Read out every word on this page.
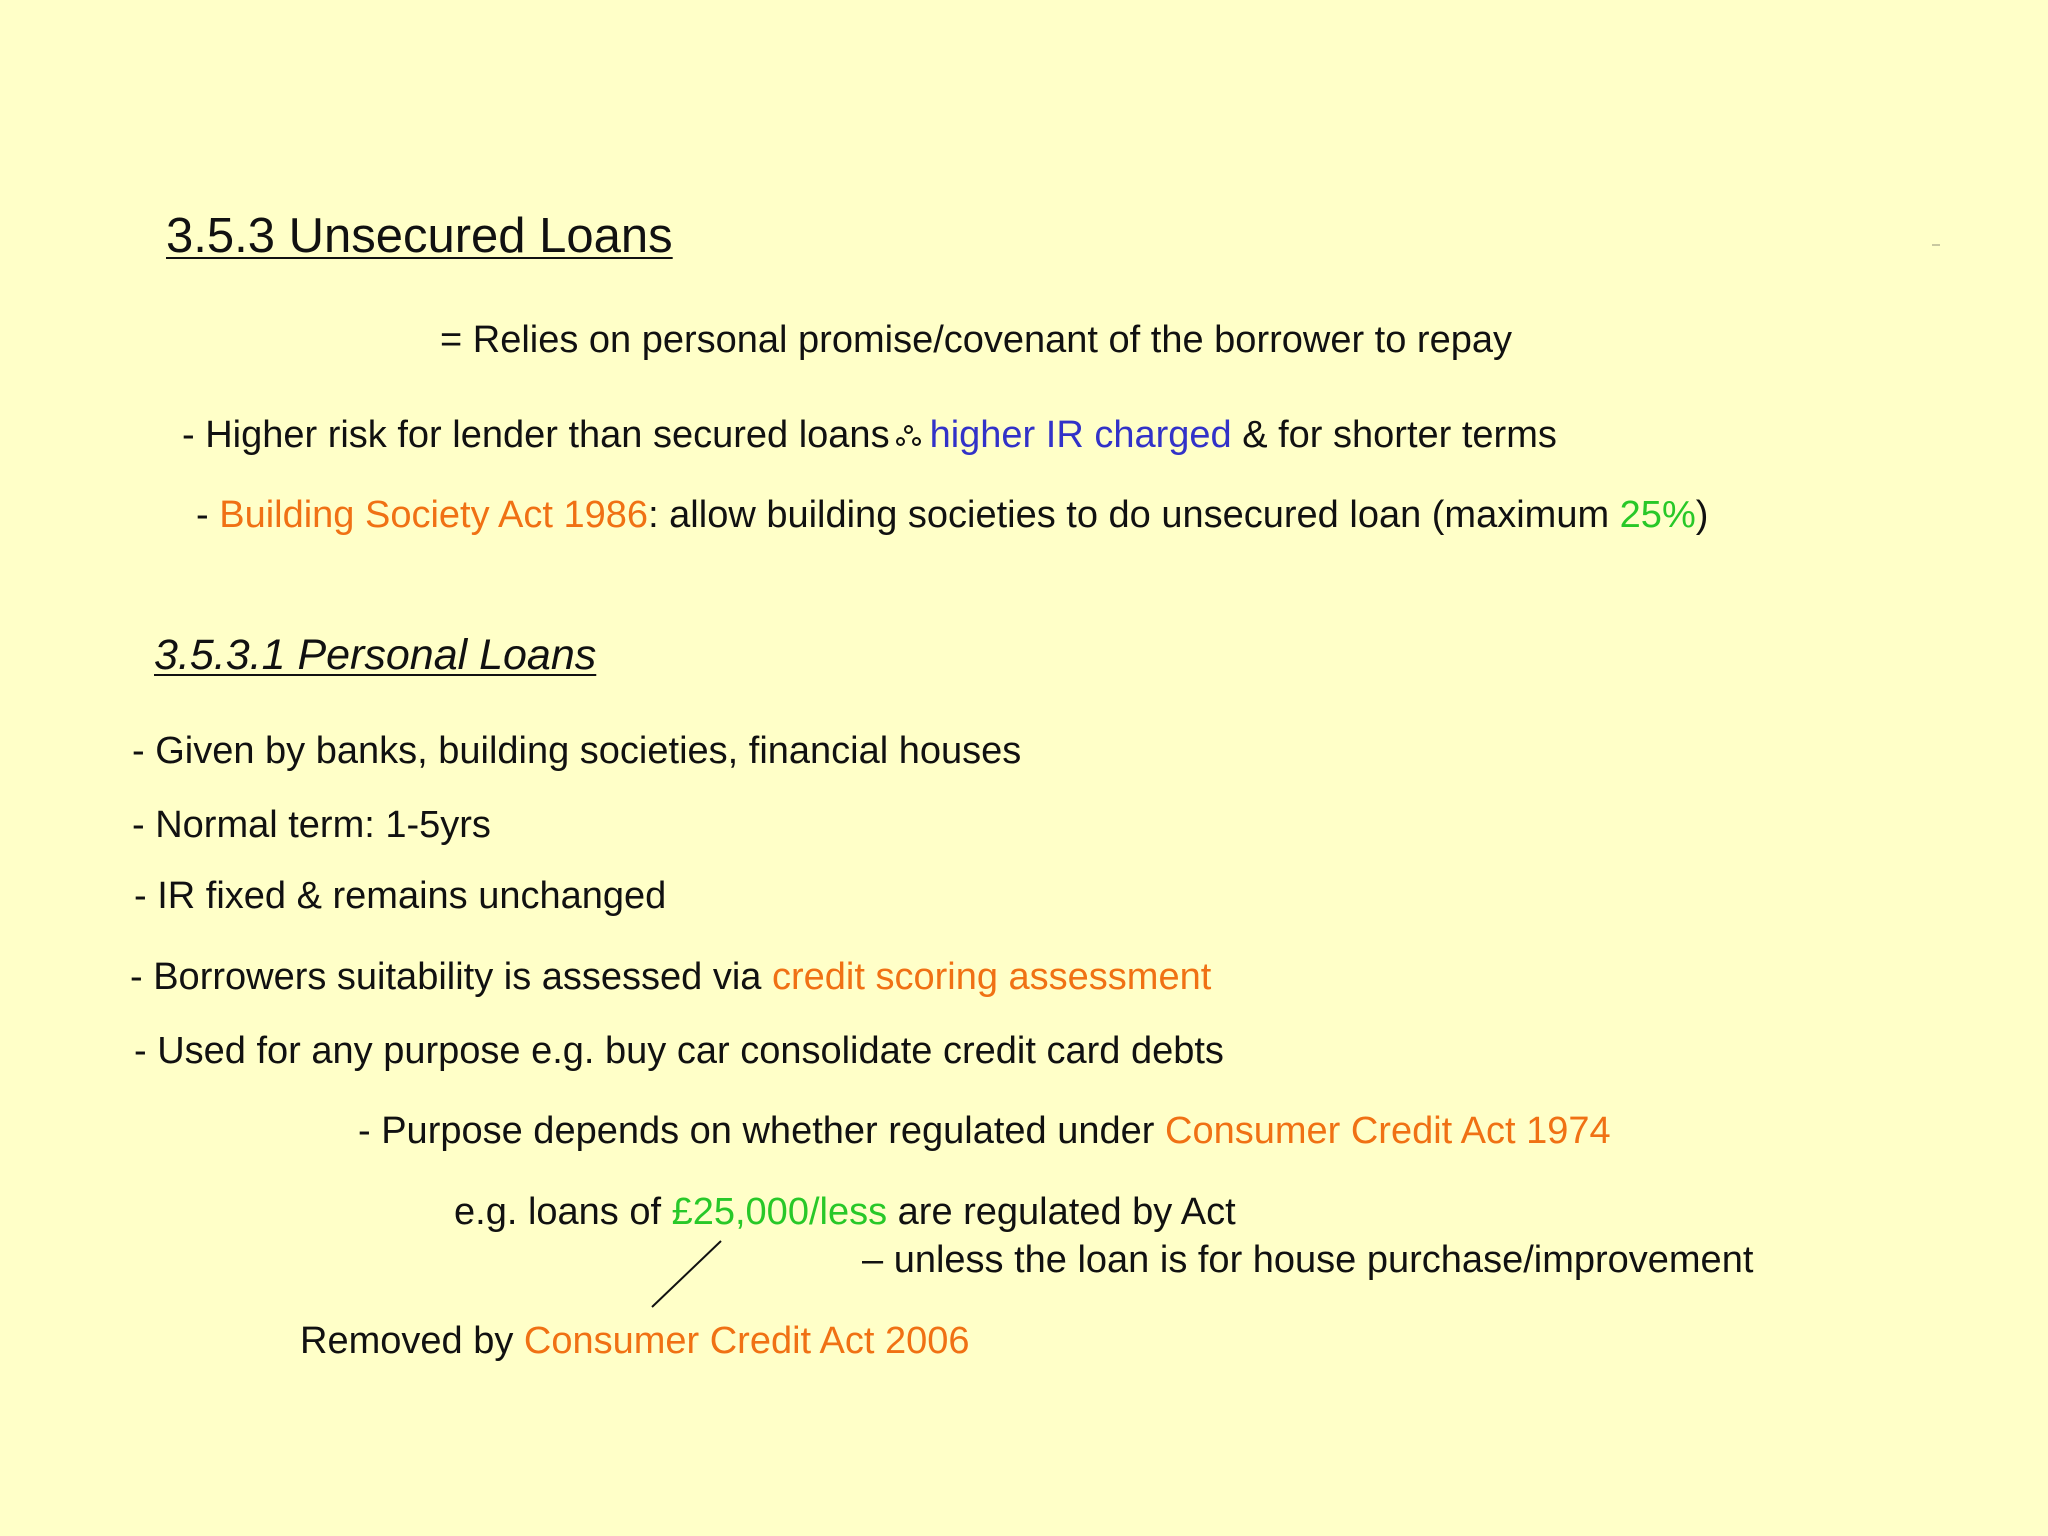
3.5.3 Unsecured Loans
= Relies on personal promise/covenant of the borrower to repay
- Higher risk for lender than secured loans higher IR charged & for shorter terms
- Building Society Act 1986: allow building societies to do unsecured loan (maximum 25%)
3.5.3.1 Personal Loans
- Given by banks, building societies, financial houses
- Normal term: 1-5yrs
- IR fixed & remains unchanged
- Borrowers suitability is assessed via credit scoring assessment
- Used for any purpose e.g. buy car consolidate credit card debts
- Purpose depends on whether regulated under Consumer Credit Act 1974
e.g. loans of £25,000/less are regulated by Act
– unless the loan is for house purchase/improvement
Removed by Consumer Credit Act 2006
